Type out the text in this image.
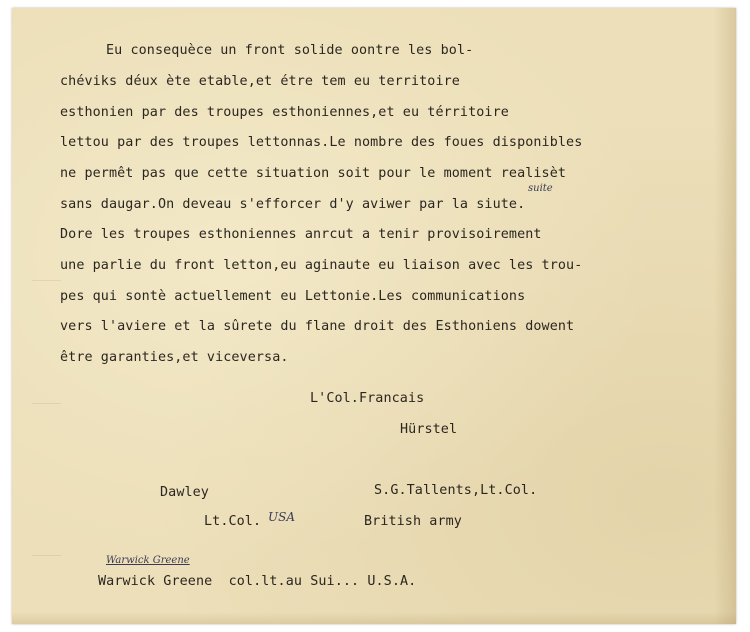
————
————
————
Eu consequèce un front solide oontre les bol-
chéviks déux ète etable,et étre tem eu territoire
esthonien par des troupes esthoniennes,et eu térritoire
lettou par des troupes lettonnas.Le nombre des foues disponibles
ne permêt pas que cette situation soit pour le moment realisèt
sans daugar.On deveau s'efforcer d'y aviwer par la siute.
suite
Dore les troupes esthoniennes anrcut a tenir provisoirement
une parlie du front letton,eu aginaute eu liaison avec les trou-
pes qui sontè actuellement eu Lettonie.Les communications
vers l'aviere et la sûrete du flane droit des Esthoniens dowent
être garanties,et viceversa.
L'Col.Francais
Hürstel
Dawley	S.G.Tallents,Lt.Col.
Lt.Col. USA	British army
Warwick Greene
Warwick Greene  col.lt.au Sui... U.S.A.
